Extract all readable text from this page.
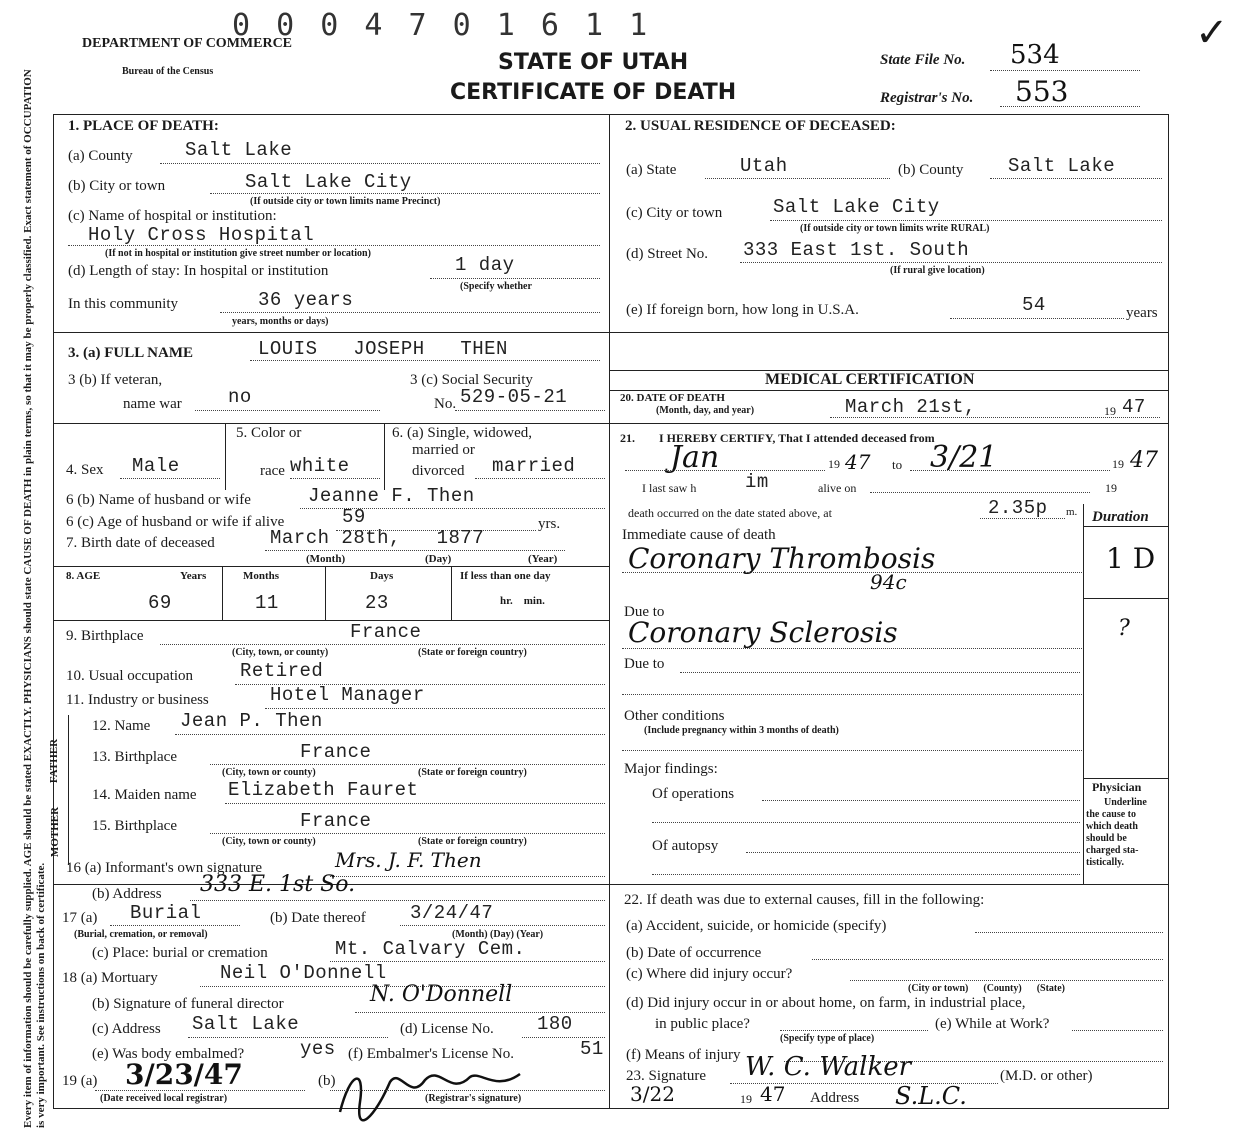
0 0 0 4 7 0 1 6 1 1
DEPARTMENT OF COMMERCE
Bureau of the Census	STATE OF UTAH
CERTIFICATE OF DEATH
State File No. 534
Registrar's No. 553
✓
Every item of information should be carefully supplied. AGE should be stated EXACTLY. PHYSICIANS should state CAUSE OF DEATH in plain terms, so that it may be properly classified. Exact statement of OCCUPATION is very important. See instructions on back of certificate.
1. PLACE OF DEATH:
(a) County	Salt Lake
(b) City or town	Salt Lake City
(If outside city or town limits name Precinct)
(c) Name of hospital or institution:
Holy Cross Hospital
(If not in hospital or institution give street number or location)
(d) Length of stay: In hospital or institution	1 day
(Specify whether
In this community	36 years
years, months or days)
2. USUAL RESIDENCE OF DECEASED:
(a) State	Utah	(b) County Salt Lake
(c) City or town	Salt Lake City
(If outside city or town limits write RURAL)
(d) Street No. 333 East 1st. South
(If rural give location)
(e) If foreign born, how long in U.S.A.	54	years
3. (a) FULL NAME	LOUIS   JOSEPH   THEN
3 (b) If veteran,
name war no
3 (c) Social Security
No. 529-05-21
4. Sex Male
5. Color or
race white
6. (a) Single, widowed,
married or
divorced married
6 (b) Name of husband or wife	Jeanne F. Then
6 (c) Age of husband or wife if alive	59	yrs.
7. Birth date of deceased	March 28th,   1877
(Month)	(Day)	(Year)
8. AGE	Years	Months	Days	If less than one day
69	11	23	hr.    min.
9. Birthplace	France
(City, town, or county)	(State or foreign country)
10. Usual occupation Retired
11. Industry or business	Hotel Manager
FATHER
MOTHER
12. Name Jean P. Then
13. Birthplace	France
(City, town or county)	(State or foreign country)
14. Maiden name Elizabeth Fauret
15. Birthplace	France
(City, town or county)	(State or foreign country)
16 (a) Informant's own signature	Mrs. J. F. Then
(b) Address 333 E. 1st So.
17 (a) Burial
(Burial, cremation, or removal)
(b) Date thereof 3/24/47
(Month) (Day) (Year)
(c) Place: burial or cremation	Mt. Calvary Cem.
18 (a) Mortuary	Neil O'Donnell
(b) Signature of funeral director	N. O'Donnell
(c) Address Salt Lake	(d) License No. 180
(e) Was body embalmed?	yes (f) Embalmer's License No.	51
19 (a) 3/23/47
(Date received local registrar)
(b)
(Registrar's signature)
MEDICAL CERTIFICATION
20. DATE OF DEATH
(Month, day, and year)	March 21st,	19 47
21.        I HEREBY CERTIFY, That I attended deceased from
Jan	19 47 to 3/21	19 47
I last saw h	im	alive on	19
death occurred on the date stated above, at	2.35p m. Duration
Immediate cause of death
Coronary Thrombosis
94c
1 D
Due to
Coronary Sclerosis	?
Due to
Other conditions
(Include pregnancy within 3 months of death)
Major findings:
Of operations
Of autopsy
Physician
Underline
the cause to
which death
should be
charged sta-
tistically.
22. If death was due to external causes, fill in the following:
(a) Accident, suicide, or homicide (specify)
(b) Date of occurrence
(c) Where did injury occur?
(City or town)      (County)      (State)
(d) Did injury occur in or about home, on farm, in industrial place,
in public place?	(e) While at Work?
(Specify type of place)
(f) Means of injury
23. Signature W. C. Walker	(M.D. or other)
3/22	19 47 Address S.L.C.
